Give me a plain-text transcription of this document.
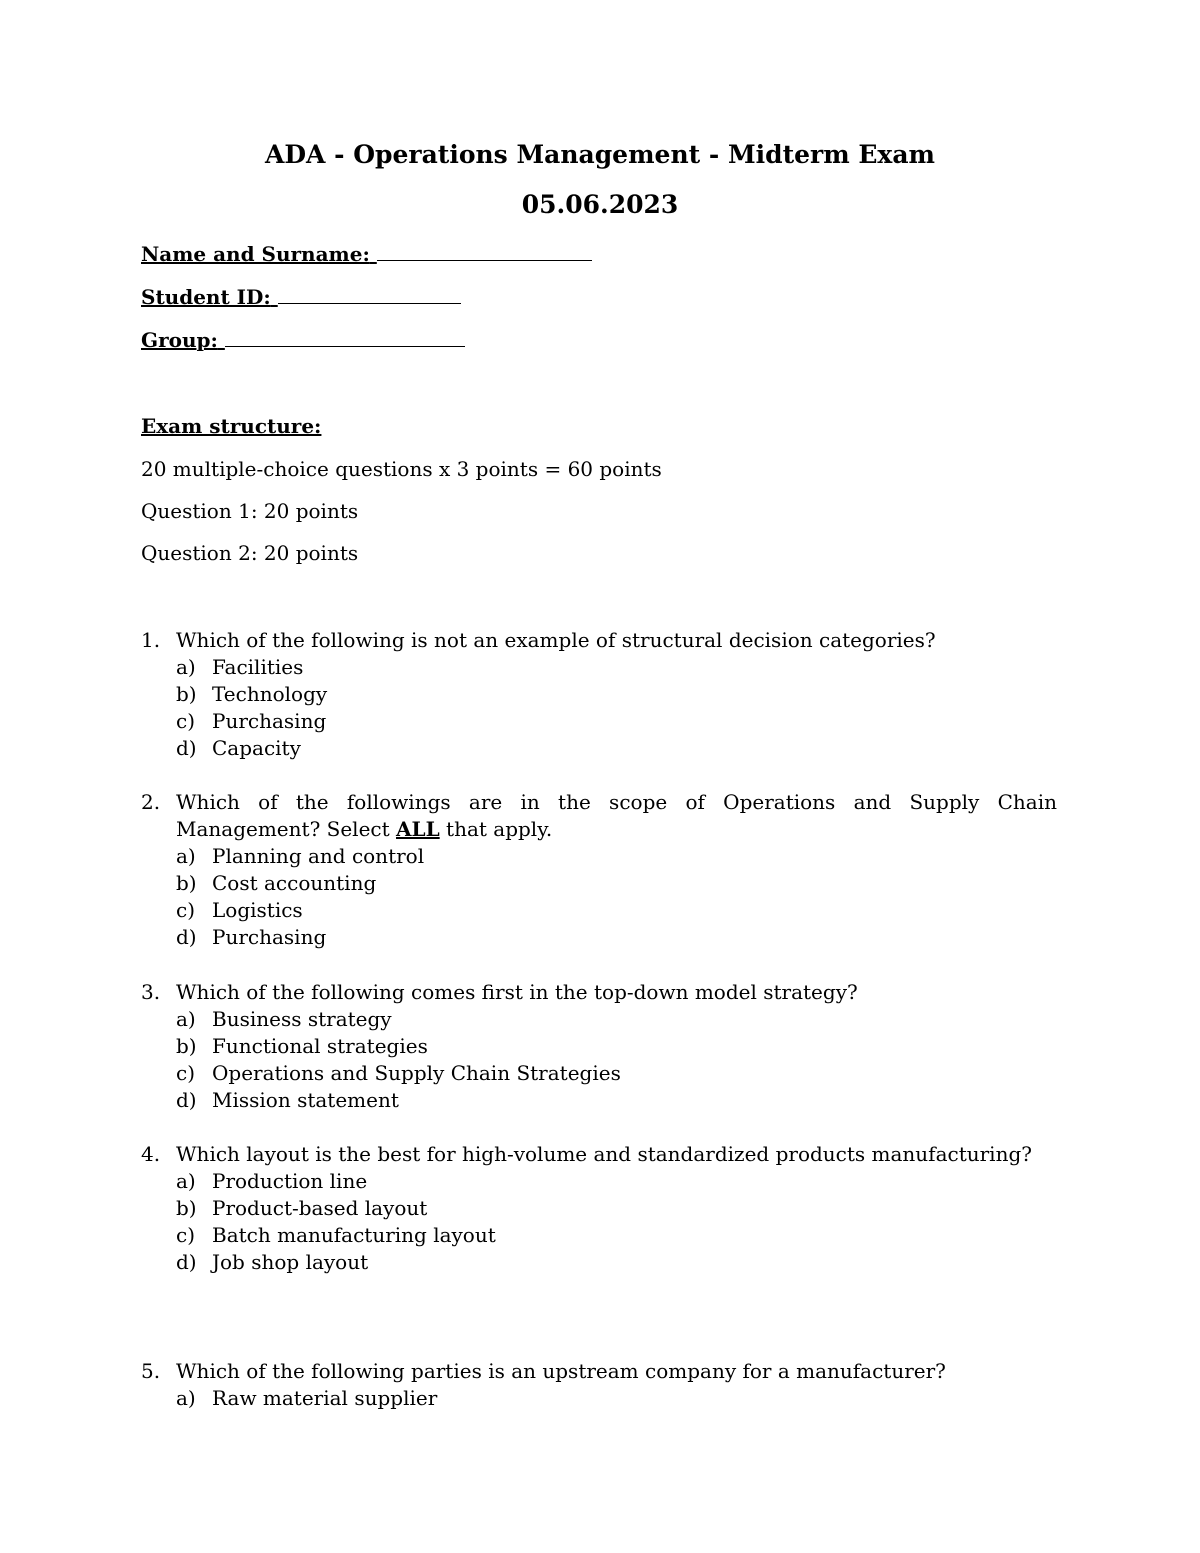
ADA - Operations Management - Midterm Exam
05.06.2023
Name and Surname:
Student ID:
Group:
Exam structure:
20 multiple-choice questions x 3 points = 60 points
Question 1: 20 points
Question 2: 20 points
1. Which of the following is not an example of structural decision categories?
a) Facilities
b) Technology
c) Purchasing
d) Capacity
2. Which of the followings are in the scope of Operations and Supply Chain Management? Select ALL that apply.
a) Planning and control
b) Cost accounting
c) Logistics
d) Purchasing
3. Which of the following comes first in the top-down model strategy?
a) Business strategy
b) Functional strategies
c) Operations and Supply Chain Strategies
d) Mission statement
4. Which layout is the best for high-volume and standardized products manufacturing?
a) Production line
b) Product-based layout
c) Batch manufacturing layout
d) Job shop layout
5. Which of the following parties is an upstream company for a manufacturer?
a) Raw material supplier
